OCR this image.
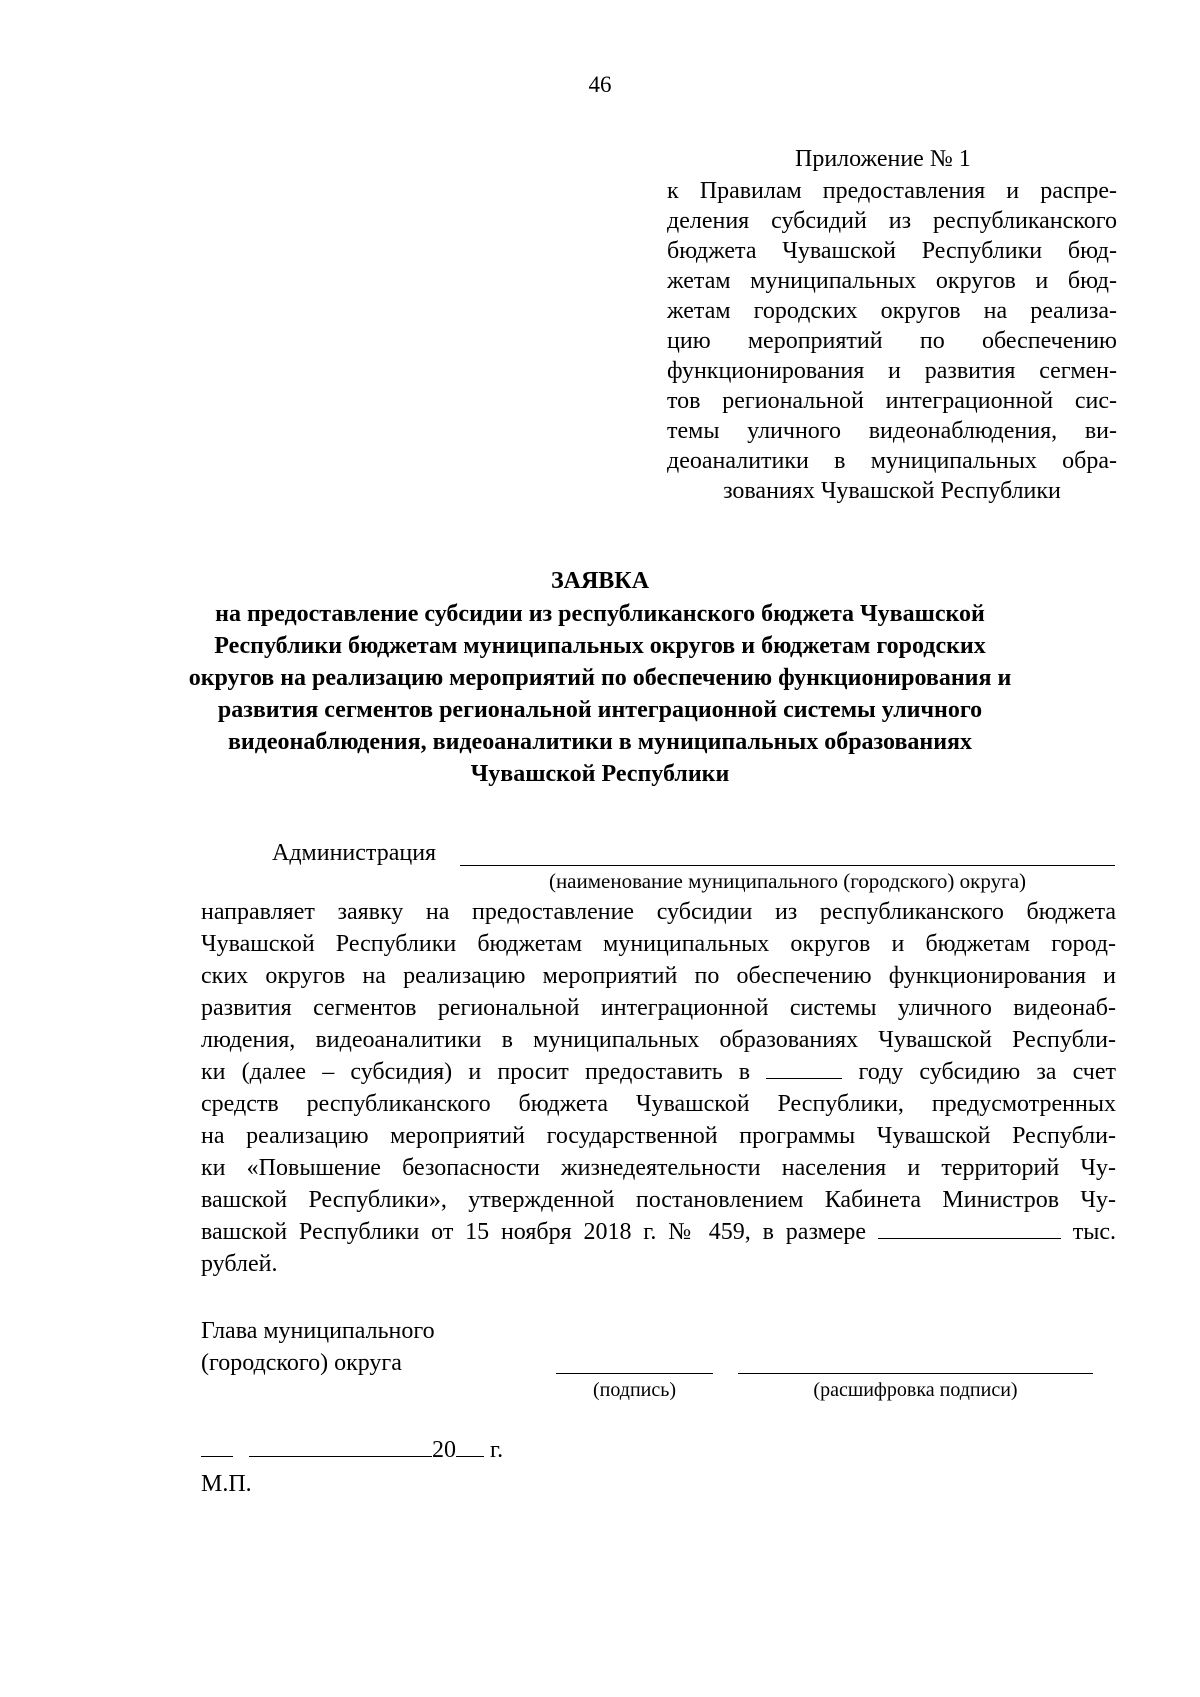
46
Приложение № 1
к Правилам предоставления и распре-
деления субсидий из республиканского
бюджета Чувашской Республики бюд-
жетам муниципальных округов и бюд-
жетам городских округов на реализа-
цию мероприятий по обеспечению
функционирования и развития сегмен-
тов региональной интеграционной сис-
темы уличного видеонаблюдения, ви-
деоаналитики в муниципальных обра-
зованиях Чувашской Республики
ЗАЯВКА
на предоставление субсидии из республиканского бюджета Чувашской
Республики бюджетам муниципальных округов и бюджетам городских
округов на реализацию мероприятий по обеспечению функционирования и
развития сегментов региональной интеграционной системы уличного
видеонаблюдения, видеоаналитики в муниципальных образованиях
Чувашской Республики
Администрация
(наименование муниципального (городского) округа)
направляет заявку на предоставление субсидии из республиканского бюджета
Чувашской Республики бюджетам муниципальных округов и бюджетам город-
ских округов на реализацию мероприятий по обеспечению функционирования и
развития сегментов региональной интеграционной системы уличного видеонаб-
людения, видеоаналитики в муниципальных образованиях Чувашской Республи-
ки (далее – субсидия) и просит предоставить в	году субсидию за счет
средств республиканского бюджета Чувашской Республики, предусмотренных
на реализацию мероприятий государственной программы Чувашской Республи-
ки «Повышение безопасности жизнедеятельности населения и территорий Чу-
вашской Республики», утвержденной постановлением Кабинета Министров Чу-
вашской Республики от 15 ноября 2018 г. № 459, в размере	тыс.
рублей.
Глава муниципального
(городского) округа
(подпись)	(расшифровка подписи)
20 г.
М.П.
